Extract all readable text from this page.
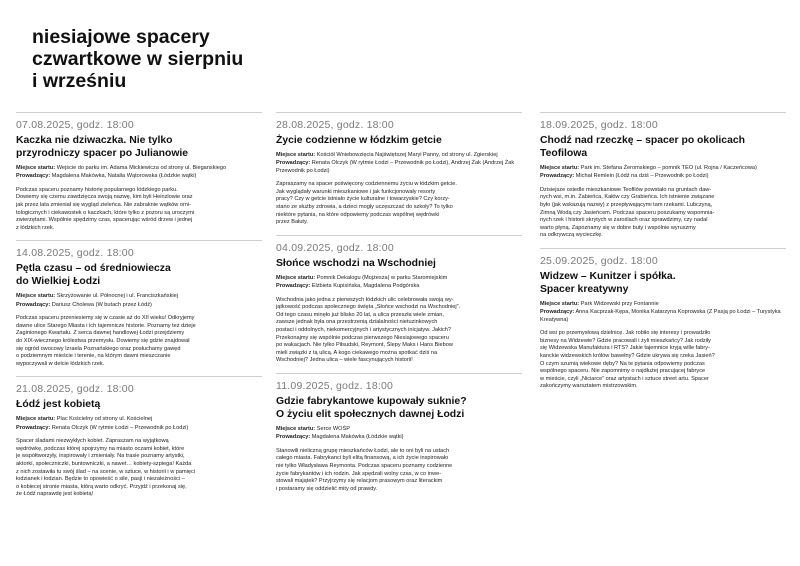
niesiajowe spacery
czwartkowe w sierpniu
i wrześniu
07.08.2025, godz. 18:00
Kaczka nie dziwaczka. Nie tylko
przyrodniczy spacer po Julianowie
Miejsce startu: Wejście do parku im. Adama Mickiewicza od strony ul. Bieganskiego
Prowadzący: Magdalena Makówka, Natalia Wątorowska (Łódzkie wątki)
Podczas spaceru poznamy historię popularnego łódzkiego parku.
Dowiemy się czemu zawdzięcza swoją nazwę, kim byli Heinzlowie oraz
jak przez lata zmieniał się wygląd zieleńca. Nie zabraknie wątków orni-
tologicznych i ciekawostek o kaczkach, które tylko z pozoru są uroczymi
zwierzętami. Wspólnie spędzimy czas, spacerując wśród drzew i jednej
z łódzkich rzek.
14.08.2025, godz. 18:00
Pętla czasu – od średniowiecza
do Wielkiej Łodzi
Miejsce startu: Skrzyżowanie ul. Północnej i ul. Franciszkańskiej
Prowadzący: Dariusz Cholewa (W butach przez Łódź)
Podczas spaceru przeniesiemy się w czasie aż do XII wieku! Odkryjemy
dawne ulice Starego Miasta i ich tajemnicze historie. Poznamy też dzieje
Zaginionego Kwartału. Z serca dawnej handlowej Łodzi przejdziemy
do XIX-wiecznego królestwa przemysłu. Dowiemy się gdzie znajdował
się ogród owocowy Izraela Poznańskiego oraz posłuchamy gawęd
o podziemnym mieście i terenie, na którym dawni mieszczanie
wypoczywali w delcie łódzkich rzek.
21.08.2025, godz. 18:00
Łódź jest kobietą
Miejsce startu: Plac Kościelny od strony ul. Kościelnej
Prowadzący: Renata Olczyk (W rytmie Łodzi – Przewodnik po Łodzi)
Spacer śladami niezwykłych kobiet. Zapraszam na wyjątkową
wędrówkę, podczas której spojrzymy na miasto oczami kobiet, które
je współtworzyły, inspirowały i zmieniały. Na trasie poznamy artystki,
aktorki, społeczniczki, buntowniczki, a nawet… kobiety-szpiega! Każda
z nich zostawiła tu swój ślad – na scenie, w sztuce, w historii i w pamięci
łodzianek i łodzian. Będzie to opowieść o sile, pasji i niezależności –
o kobiecej stronie miasta, którą warto odkryć. Przyjdź i przekonaj się,
że Łódź naprawdę jest kobietą!
28.08.2025, godz. 18:00
Życie codzienne w łódzkim getcie
Miejsce startu: Kościół Wniebowzięcia Najświętszej Maryi Panny, od strony ul. Zgierskiej
Prowadzący: Renata Olczyk (W rytmie Łodzi – Przewodnik po Łodzi), Andrzej Żak (Andrzej Żak Przewodnik po Łodzi)
Zapraszamy na spacer poświęcony codziennemu życiu w łódzkim getcie.
Jak wyglądały warunki mieszkaniowe i jak funkcjonowały resorty
pracy? Czy w getcie istniało życie kulturalne i towarzyskie? Czy korzy-
stano ze służby zdrowia, a dzieci mogły uczęszczać do szkoły? To tylko
niektóre pytania, na które odpowiemy podczas wspólnej wędrówki
przez Bałuty.
04.09.2025, godz. 18:00
Słońce wschodzi na Wschodniej
Miejsce startu: Pomnik Dekalogu (Mojżesza) w parku Staromiejskim
Prowadzący: Elżbieta Kupisińska, Magdalena Podgórska
Wschodnia jako jedna z pierwszych łódzkich ulic celebrowała swoją wy-
jątkowość podczas społecznego święta „Słońce wschodzi na Wschodniej”.
Od tego czasu minęło już blisko 20 lat, a ulica przeszła wiele zmian,
zawsze jednak była ona przestrzenią działalności nietuzinkowych
postaci i oddolnych, niekomercyjnych i artystycznych inicjatyw. Jakich?
Przekonajmy się wspólnie podczas pierwszego Niesiajowego spaceru
po wakacjach. Nie tylko Piłsudski, Reymont, Ślepy Maks i Hans Biebow
mieli związki z tą ulicą. A kogo ciekawego można spotkać dziś na
Wschodniej? Jedna ulica – wiele fascynujących historii!
11.09.2025, godz. 18:00
Gdzie fabrykantowe kupowały suknie?
O życiu elit społecznych dawnej Łodzi
Miejsce startu: Serce WOŚP
Prowadzący: Magdalena Makówka (Łódzkie wątki)
Stanowili nieliczną grupę mieszkańców Łodzi, ale to oni byli na ustach
całego miasta. Fabrykanci byli elitą finansową, a ich życie inspirowało
nie tylko Władysława Reymonta. Podczas spaceru poznamy codzienne
życie fabrykantów i ich rodzin. Jak spędzali wolny czas, w co inwe-
stowali majątek? Przyjrzymy się relacjom prasowym oraz literackim
i postaramy się oddzielić mity od prawdy.
18.09.2025, godz. 18:00
Chodź nad rzeczkę – spacer po okolicach
Teofilowa
Miejsce startu: Park im. Stefana Żeromskiego – pomnik TEO (ul. Rojna / Kaczeńcowa)
Prowadzący: Michał Remlein (Łódź na dziś – Przewodnik po Łodzi)
Dzisiejsze osiedle mieszkaniowe Teofilów powstało na gruntach daw-
nych wsi, m.in. Żabieńca, Kałów czy Grabieńca. Ich istnienie związane
było (jak wskazują nazwy) z przepływającymi tam rzekami. Lubczyną,
Zimną Wodą czy Jasieńcem. Podczas spaceru poszukamy wspomnia-
nych rzek i historii skrytych w zaroślach oraz sprawdzimy, czy nadal
warto płyną. Zapoznamy się w dobre buty i wspólnie wyruszmy
na odkrywczą wycieczkę.
25.09.2025, godz. 18:00
Widzew – Kunitzer i spółka.
Spacer kreatywny
Miejsce startu: Park Widzewski przy Fontannie
Prowadzący: Anna Kacprzak-Kępa, Monika Katarzyna Koprowska (Z Pasją po Łodzi – Turystyka Kreatywna)
Od wsi po przemysłową dzielnicę. Jak robiło się interesy i prowadziło
biznesy na Widzewie? Gdzie pracowali i żyli mieszkańcy? Jak rodziły
się Widzewska Manufaktura i RTS? Jakie tajemnice kryją wille fabry-
kanckie widzewskich królów bawełny? Gdzie ukrywa się rzeka Jasień?
O czym szumią wiekowe dęby? Na te pytania odpowiemy podczas
wspólnego spaceru. Nie zapomnimy o najdłużej pracującej fabryce
w mieście, czyli „Niciarce” oraz artystach i sztuce street artu. Spacer
zakończymy warsztatem mistrzowskim.
